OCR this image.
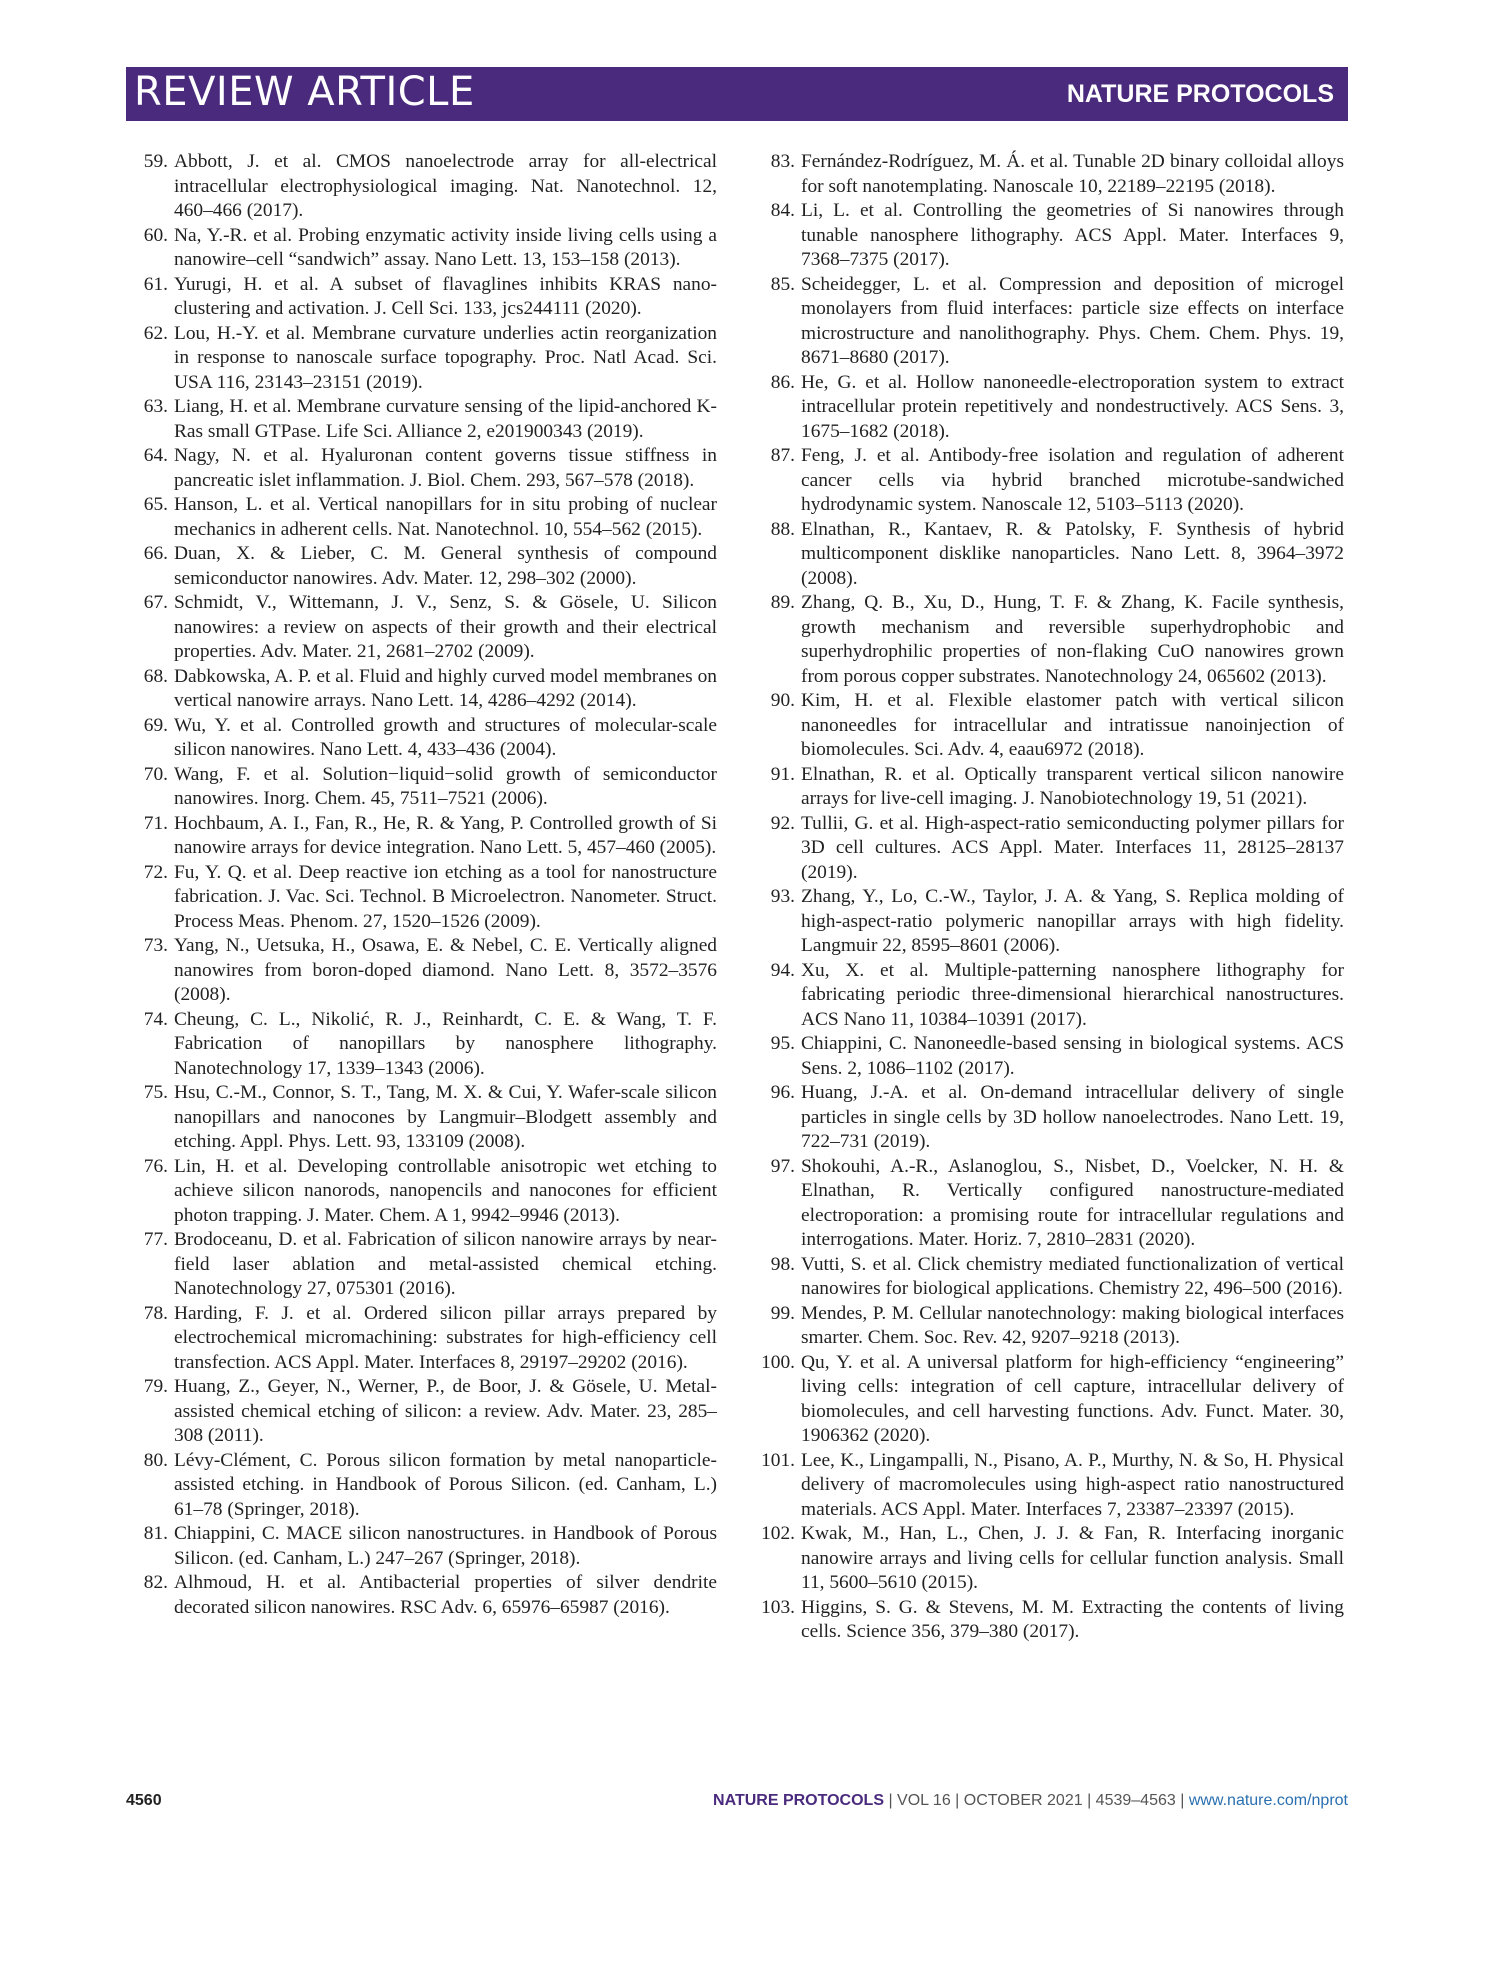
REVIEW ARTICLE	NATURE PROTOCOLS
59. Abbott, J. et al. CMOS nanoelectrode array for all-electrical intracellular electrophysiological imaging. Nat. Nanotechnol. 12, 460–466 (2017).
60. Na, Y.-R. et al. Probing enzymatic activity inside living cells using a nanowire–cell “sandwich” assay. Nano Lett. 13, 153–158 (2013).
61. Yurugi, H. et al. A subset of flavaglines inhibits KRAS nano-clustering and activation. J. Cell Sci. 133, jcs244111 (2020).
62. Lou, H.-Y. et al. Membrane curvature underlies actin reorganization in response to nanoscale surface topography. Proc. Natl Acad. Sci. USA 116, 23143–23151 (2019).
63. Liang, H. et al. Membrane curvature sensing of the lipid-anchored K-Ras small GTPase. Life Sci. Alliance 2, e201900343 (2019).
64. Nagy, N. et al. Hyaluronan content governs tissue stiffness in pancreatic islet inflammation. J. Biol. Chem. 293, 567–578 (2018).
65. Hanson, L. et al. Vertical nanopillars for in situ probing of nuclear mechanics in adherent cells. Nat. Nanotechnol. 10, 554–562 (2015).
66. Duan, X. & Lieber, C. M. General synthesis of compound semiconductor nanowires. Adv. Mater. 12, 298–302 (2000).
67. Schmidt, V., Wittemann, J. V., Senz, S. & Gösele, U. Silicon nanowires: a review on aspects of their growth and their electrical properties. Adv. Mater. 21, 2681–2702 (2009).
68. Dabkowska, A. P. et al. Fluid and highly curved model membranes on vertical nanowire arrays. Nano Lett. 14, 4286–4292 (2014).
69. Wu, Y. et al. Controlled growth and structures of molecular-scale silicon nanowires. Nano Lett. 4, 433–436 (2004).
70. Wang, F. et al. Solution−liquid−solid growth of semiconductor nanowires. Inorg. Chem. 45, 7511–7521 (2006).
71. Hochbaum, A. I., Fan, R., He, R. & Yang, P. Controlled growth of Si nanowire arrays for device integration. Nano Lett. 5, 457–460 (2005).
72. Fu, Y. Q. et al. Deep reactive ion etching as a tool for nanostructure fabrication. J. Vac. Sci. Technol. B Microelectron. Nanometer. Struct. Process Meas. Phenom. 27, 1520–1526 (2009).
73. Yang, N., Uetsuka, H., Osawa, E. & Nebel, C. E. Vertically aligned nanowires from boron-doped diamond. Nano Lett. 8, 3572–3576 (2008).
74. Cheung, C. L., Nikolić, R. J., Reinhardt, C. E. & Wang, T. F. Fabrication of nanopillars by nanosphere lithography. Nanotechnology 17, 1339–1343 (2006).
75. Hsu, C.-M., Connor, S. T., Tang, M. X. & Cui, Y. Wafer-scale silicon nanopillars and nanocones by Langmuir–Blodgett assembly and etching. Appl. Phys. Lett. 93, 133109 (2008).
76. Lin, H. et al. Developing controllable anisotropic wet etching to achieve silicon nanorods, nanopencils and nanocones for efficient photon trapping. J. Mater. Chem. A 1, 9942–9946 (2013).
77. Brodoceanu, D. et al. Fabrication of silicon nanowire arrays by near-field laser ablation and metal-assisted chemical etching. Nanotechnology 27, 075301 (2016).
78. Harding, F. J. et al. Ordered silicon pillar arrays prepared by electrochemical micromachining: substrates for high-efficiency cell transfection. ACS Appl. Mater. Interfaces 8, 29197–29202 (2016).
79. Huang, Z., Geyer, N., Werner, P., de Boor, J. & Gösele, U. Metal-assisted chemical etching of silicon: a review. Adv. Mater. 23, 285–308 (2011).
80. Lévy-Clément, C. Porous silicon formation by metal nanoparticle-assisted etching. in Handbook of Porous Silicon. (ed. Canham, L.) 61–78 (Springer, 2018).
81. Chiappini, C. MACE silicon nanostructures. in Handbook of Porous Silicon. (ed. Canham, L.) 247–267 (Springer, 2018).
82. Alhmoud, H. et al. Antibacterial properties of silver dendrite decorated silicon nanowires. RSC Adv. 6, 65976–65987 (2016).
83. Fernández-Rodríguez, M. Á. et al. Tunable 2D binary colloidal alloys for soft nanotemplating. Nanoscale 10, 22189–22195 (2018).
84. Li, L. et al. Controlling the geometries of Si nanowires through tunable nanosphere lithography. ACS Appl. Mater. Interfaces 9, 7368–7375 (2017).
85. Scheidegger, L. et al. Compression and deposition of microgel monolayers from fluid interfaces: particle size effects on interface microstructure and nanolithography. Phys. Chem. Chem. Phys. 19, 8671–8680 (2017).
86. He, G. et al. Hollow nanoneedle-electroporation system to extract intracellular protein repetitively and nondestructively. ACS Sens. 3, 1675–1682 (2018).
87. Feng, J. et al. Antibody-free isolation and regulation of adherent cancer cells via hybrid branched microtube-sandwiched hydrodynamic system. Nanoscale 12, 5103–5113 (2020).
88. Elnathan, R., Kantaev, R. & Patolsky, F. Synthesis of hybrid multicomponent disklike nanoparticles. Nano Lett. 8, 3964–3972 (2008).
89. Zhang, Q. B., Xu, D., Hung, T. F. & Zhang, K. Facile synthesis, growth mechanism and reversible superhydrophobic and superhydrophilic properties of non-flaking CuO nanowires grown from porous copper substrates. Nanotechnology 24, 065602 (2013).
90. Kim, H. et al. Flexible elastomer patch with vertical silicon nanoneedles for intracellular and intratissue nanoinjection of biomolecules. Sci. Adv. 4, eaau6972 (2018).
91. Elnathan, R. et al. Optically transparent vertical silicon nanowire arrays for live-cell imaging. J. Nanobiotechnology 19, 51 (2021).
92. Tullii, G. et al. High-aspect-ratio semiconducting polymer pillars for 3D cell cultures. ACS Appl. Mater. Interfaces 11, 28125–28137 (2019).
93. Zhang, Y., Lo, C.-W., Taylor, J. A. & Yang, S. Replica molding of high-aspect-ratio polymeric nanopillar arrays with high fidelity. Langmuir 22, 8595–8601 (2006).
94. Xu, X. et al. Multiple-patterning nanosphere lithography for fabricating periodic three-dimensional hierarchical nanostructures. ACS Nano 11, 10384–10391 (2017).
95. Chiappini, C. Nanoneedle-based sensing in biological systems. ACS Sens. 2, 1086–1102 (2017).
96. Huang, J.-A. et al. On-demand intracellular delivery of single particles in single cells by 3D hollow nanoelectrodes. Nano Lett. 19, 722–731 (2019).
97. Shokouhi, A.-R., Aslanoglou, S., Nisbet, D., Voelcker, N. H. & Elnathan, R. Vertically configured nanostructure-mediated electroporation: a promising route for intracellular regulations and interrogations. Mater. Horiz. 7, 2810–2831 (2020).
98. Vutti, S. et al. Click chemistry mediated functionalization of vertical nanowires for biological applications. Chemistry 22, 496–500 (2016).
99. Mendes, P. M. Cellular nanotechnology: making biological interfaces smarter. Chem. Soc. Rev. 42, 9207–9218 (2013).
100. Qu, Y. et al. A universal platform for high-efficiency “engineering” living cells: integration of cell capture, intracellular delivery of biomolecules, and cell harvesting functions. Adv. Funct. Mater. 30, 1906362 (2020).
101. Lee, K., Lingampalli, N., Pisano, A. P., Murthy, N. & So, H. Physical delivery of macromolecules using high-aspect ratio nanostructured materials. ACS Appl. Mater. Interfaces 7, 23387–23397 (2015).
102. Kwak, M., Han, L., Chen, J. J. & Fan, R. Interfacing inorganic nanowire arrays and living cells for cellular function analysis. Small 11, 5600–5610 (2015).
103. Higgins, S. G. & Stevens, M. M. Extracting the contents of living cells. Science 356, 379–380 (2017).
4560	NATURE PROTOCOLS | VOL 16 | OCTOBER 2021 | 4539–4563 | www.nature.com/nprot
